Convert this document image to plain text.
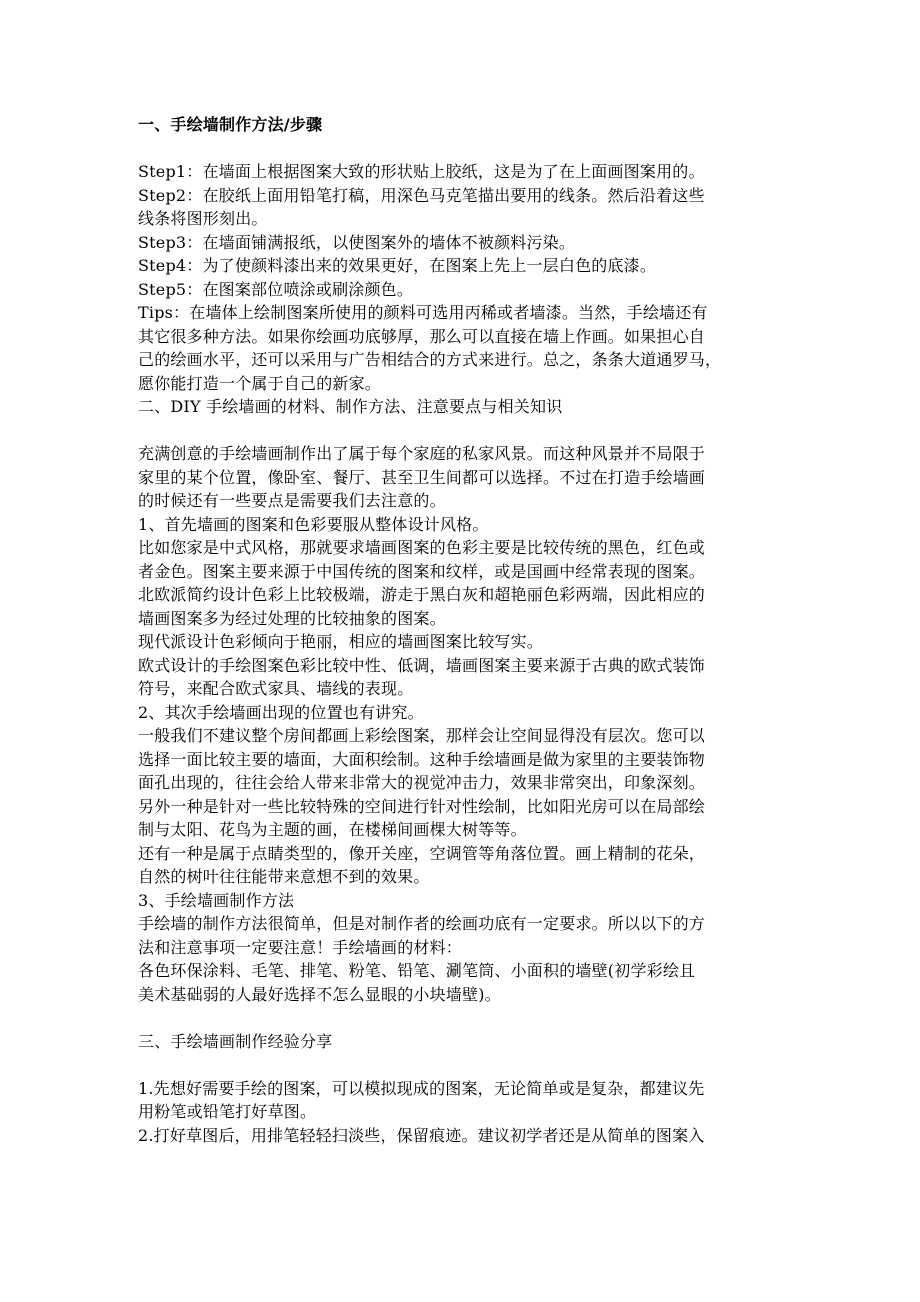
一、手绘墙制作方法/步骤
Step1：在墙面上根据图案大致的形状贴上胶纸，这是为了在上面画图案用的。
Step2：在胶纸上面用铅笔打稿，用深色马克笔描出要用的线条。然后沿着这些
线条将图形刻出。
Step3：在墙面铺满报纸，以使图案外的墙体不被颜料污染。
Step4：为了使颜料漆出来的效果更好，在图案上先上一层白色的底漆。
Step5：在图案部位喷涂或刷涂颜色。
Tips：在墙体上绘制图案所使用的颜料可选用丙稀或者墙漆。当然，手绘墙还有
其它很多种方法。如果你绘画功底够厚，那么可以直接在墙上作画。如果担心自
己的绘画水平，还可以采用与广告相结合的方式来进行。总之，条条大道通罗马，
愿你能打造一个属于自己的新家。
二、DIY 手绘墙画的材料、制作方法、注意要点与相关知识
充满创意的手绘墙画制作出了属于每个家庭的私家风景。而这种风景并不局限于
家里的某个位置，像卧室、餐厅、甚至卫生间都可以选择。不过在打造手绘墙画
的时候还有一些要点是需要我们去注意的。
1、首先墙画的图案和色彩要服从整体设计风格。
比如您家是中式风格，那就要求墙画图案的色彩主要是比较传统的黑色，红色或
者金色。图案主要来源于中国传统的图案和纹样，或是国画中经常表现的图案。
北欧派简约设计色彩上比较极端，游走于黑白灰和超艳丽色彩两端，因此相应的
墙画图案多为经过处理的比较抽象的图案。
现代派设计色彩倾向于艳丽，相应的墙画图案比较写实。
欧式设计的手绘图案色彩比较中性、低调，墙画图案主要来源于古典的欧式装饰
符号，来配合欧式家具、墙线的表现。
2、其次手绘墙画出现的位置也有讲究。
一般我们不建议整个房间都画上彩绘图案，那样会让空间显得没有层次。您可以
选择一面比较主要的墙面，大面积绘制。这种手绘墙画是做为家里的主要装饰物
面孔出现的，往往会给人带来非常大的视觉冲击力，效果非常突出，印象深刻。
另外一种是针对一些比较特殊的空间进行针对性绘制，比如阳光房可以在局部绘
制与太阳、花鸟为主题的画，在楼梯间画棵大树等等。
还有一种是属于点睛类型的，像开关座，空调管等角落位置。画上精制的花朵，
自然的树叶往往能带来意想不到的效果。
3、手绘墙画制作方法
手绘墙的制作方法很简单，但是对制作者的绘画功底有一定要求。所以以下的方
法和注意事项一定要注意！手绘墙画的材料：
各色环保涂料、毛笔、排笔、粉笔、铅笔、涮笔筒、小面积的墙壁(初学彩绘且
美术基础弱的人最好选择不怎么显眼的小块墙壁)。
三、手绘墙画制作经验分享
1.先想好需要手绘的图案，可以模拟现成的图案，无论简单或是复杂，都建议先
用粉笔或铅笔打好草图。
2.打好草图后，用排笔轻轻扫淡些，保留痕迹。建议初学者还是从简单的图案入
